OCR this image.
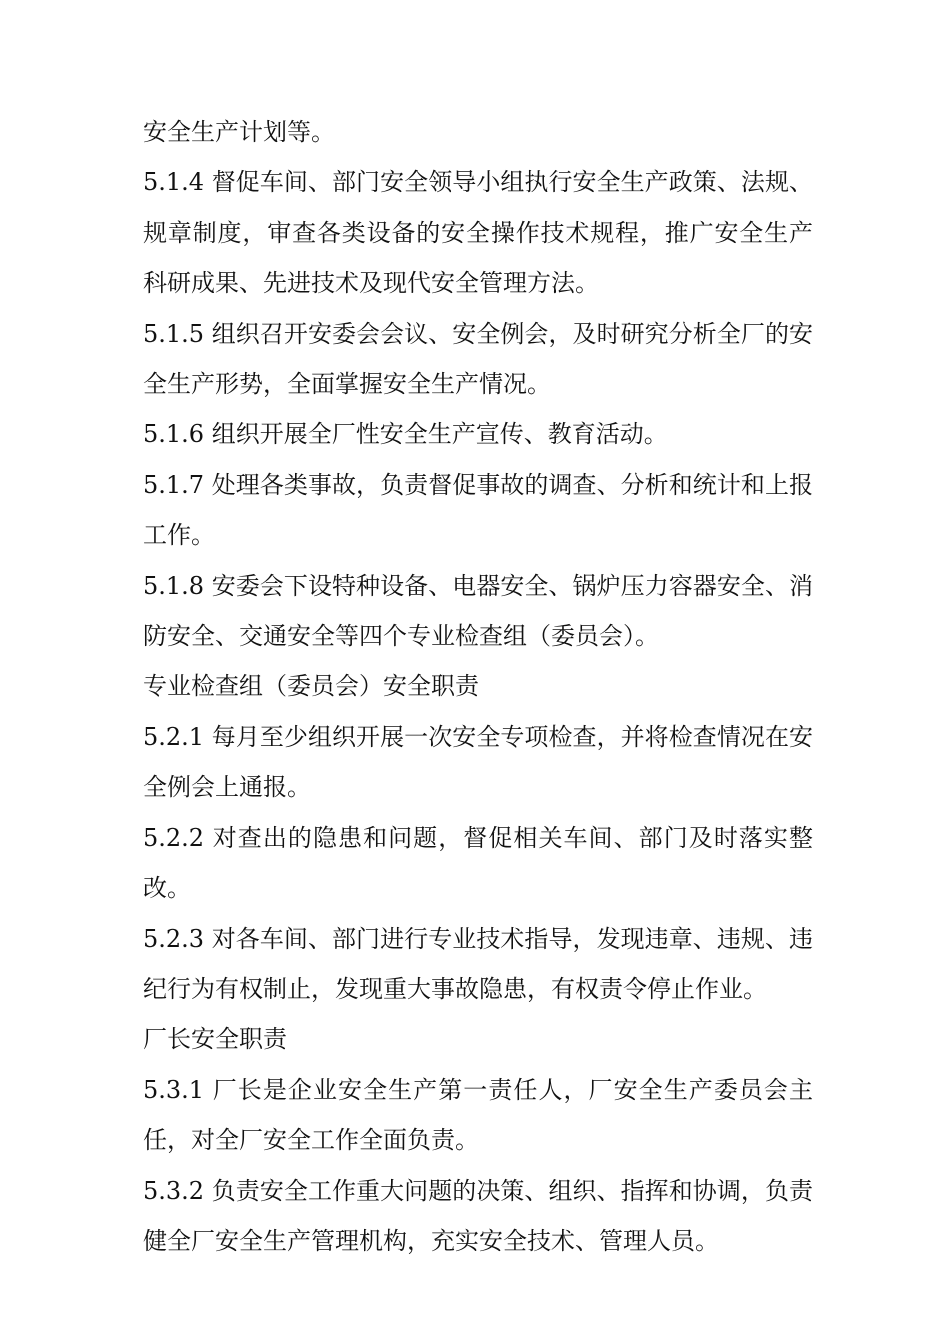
安全生产计划等。

5.1.4 督促车间、部门安全领导小组执行安全生产政策、法规、规章制度，审查各类设备的安全操作技术规程，推广安全生产科研成果、先进技术及现代安全管理方法。

5.1.5 组织召开安委会会议、安全例会，及时研究分析全厂的安全生产形势，全面掌握安全生产情况。

5.1.6 组织开展全厂性安全生产宣传、教育活动。

5.1.7 处理各类事故，负责督促事故的调查、分析和统计和上报工作。

5.1.8 安委会下设特种设备、电器安全、锅炉压力容器安全、消防安全、交通安全等四个专业检查组（委员会）。

专业检查组（委员会）安全职责

5.2.1 每月至少组织开展一次安全专项检查，并将检查情况在安全例会上通报。

5.2.2 对查出的隐患和问题，督促相关车间、部门及时落实整改。

5.2.3 对各车间、部门进行专业技术指导，发现违章、违规、违纪行为有权制止，发现重大事故隐患，有权责令停止作业。

厂长安全职责

5.3.1 厂长是企业安全生产第一责任人，厂安全生产委员会主任，对全厂安全工作全面负责。

5.3.2 负责安全工作重大问题的决策、组织、指挥和协调，负责健全厂安全生产管理机构，充实安全技术、管理人员。
